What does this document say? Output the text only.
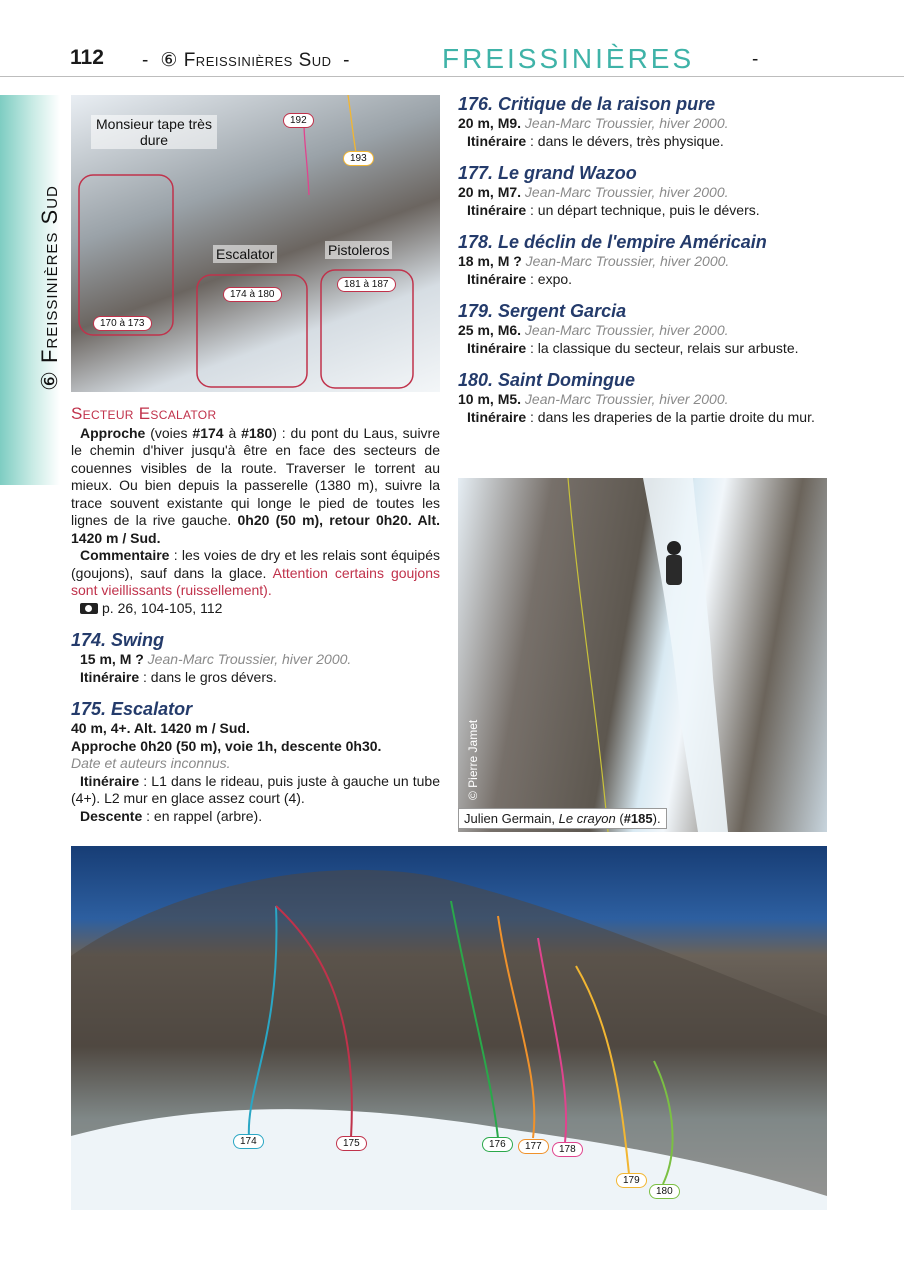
112 - ⑥ Freissinières Sud -	FREISSINIÈRES	-
⑥ Freissinières Sud
Monsieur tape très dure
Escalator	Pistoleros
192
193
170 à 173
174 à 180
181 à 187
Secteur Escalator

Approche (voies #174 à #180) : du pont du Laus, suivre le chemin d'hiver jusqu'à être en face des secteurs de couennes visibles de la route. Traverser le torrent au mieux. Ou bien depuis la passerelle (1380 m), suivre la trace souvent existante qui longe le pied de toutes les lignes de la rive gauche. 0h20 (50 m), retour 0h20. Alt. 1420 m / Sud.

Commentaire : les voies de dry et les relais sont équipés (goujons), sauf dans la glace. Attention certains goujons sont vieillissants (ruissellement).

p. 26, 104-105, 112

174. Swing

15 m, M ? Jean-Marc Troussier, hiver 2000.

Itinéraire : dans le gros dévers.

175. Escalator

40 m, 4+. Alt. 1420 m / Sud.

Approche 0h20 (50 m), voie 1h, descente 0h30.

Date et auteurs inconnus.

Itinéraire : L1 dans le rideau, puis juste à gauche un tube (4+). L2 mur en glace assez court (4).

Descente : en rappel (arbre).

176. Critique de la raison pure

20 m, M9. Jean-Marc Troussier, hiver 2000.

Itinéraire : dans le dévers, très physique.

177. Le grand Wazoo

20 m, M7. Jean-Marc Troussier, hiver 2000.

Itinéraire : un départ technique, puis le dévers.

178. Le déclin de l'empire Américain

18 m, M ? Jean-Marc Troussier, hiver 2000.

Itinéraire : expo.

179. Sergent Garcia

25 m, M6. Jean-Marc Troussier, hiver 2000.

Itinéraire : la classique du secteur, relais sur arbuste.

180. Saint Domingue

10 m, M5. Jean-Marc Troussier, hiver 2000.

Itinéraire : dans les draperies de la partie droite du mur.

© Pierre Jamet
Julien Germain, Le crayon (#185).
174	175	176	177	178
179
180
